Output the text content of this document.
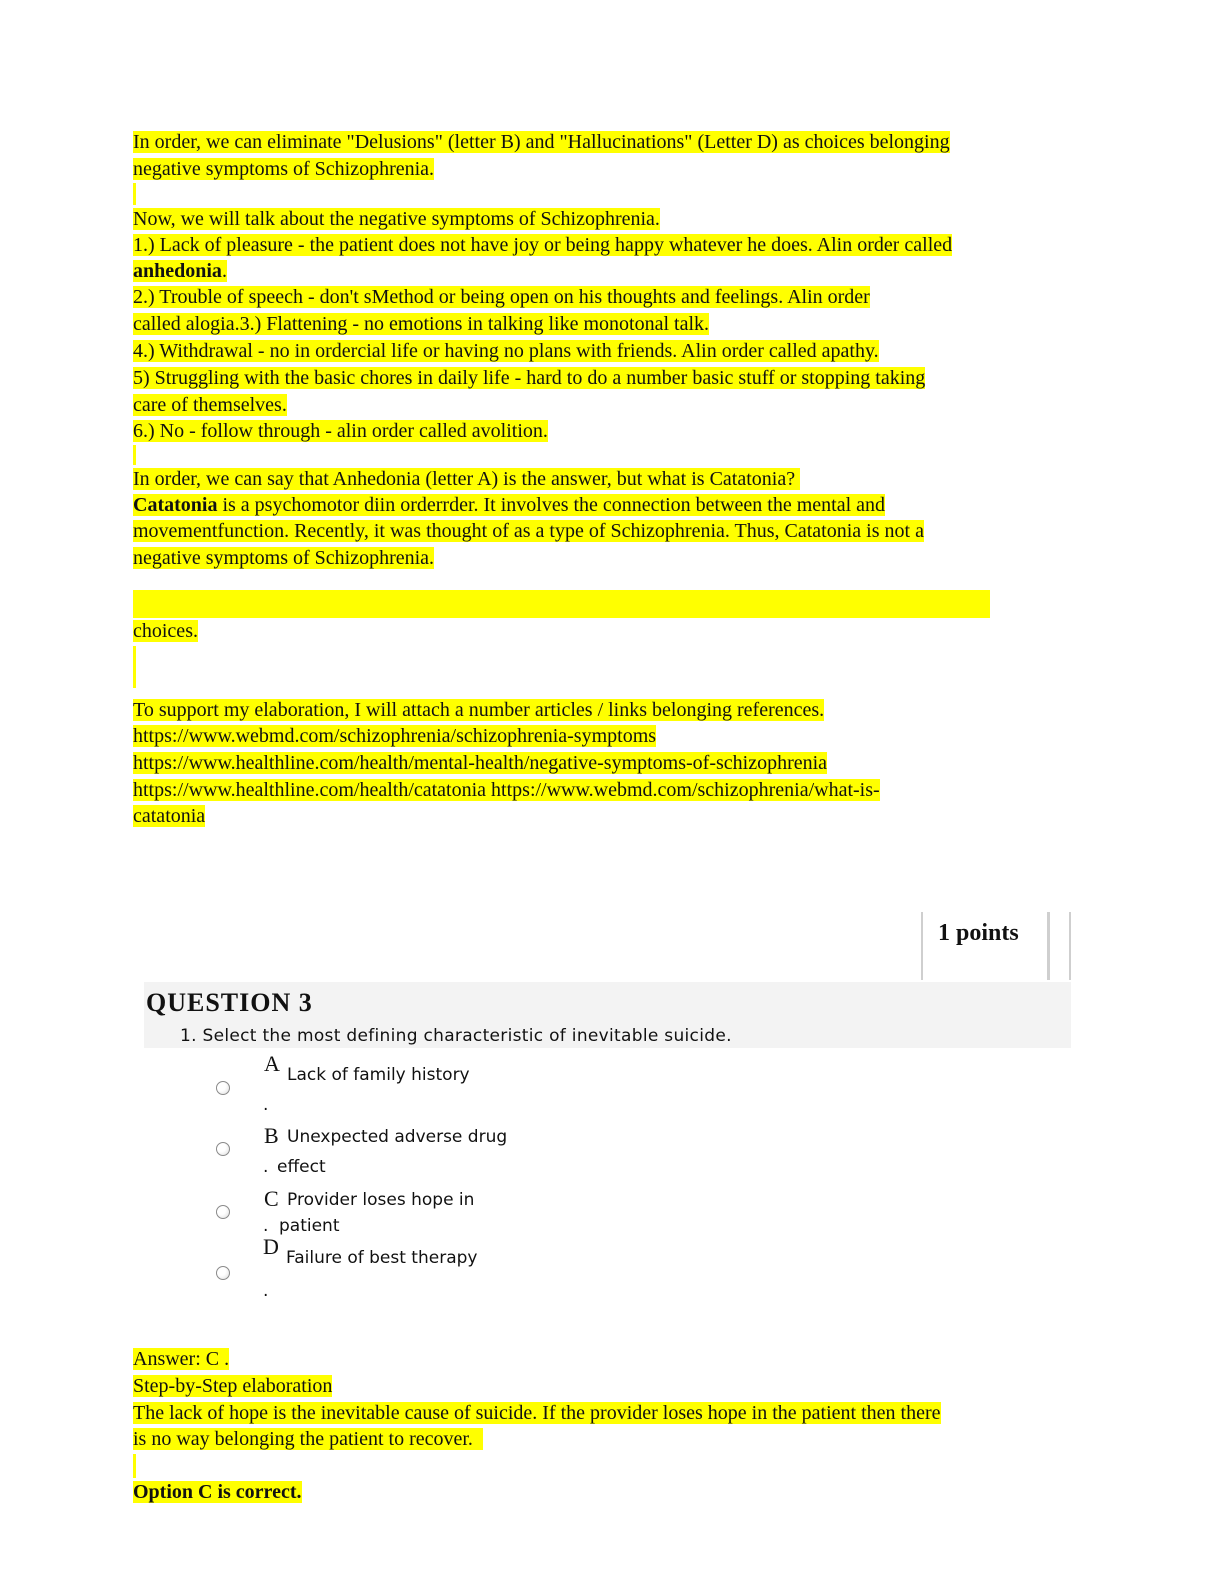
In order, we can eliminate "Delusions" (letter B) and "Hallucinations" (Letter D) as choices belonging
negative symptoms of Schizophrenia.
Now, we will talk about the negative symptoms of Schizophrenia.
1.) Lack of pleasure - the patient does not have joy or being happy whatever he does. Alin order called
anhedonia.
2.) Trouble of speech - don't sMethod or being open on his thoughts and feelings. Alin order
called alogia.3.) Flattening - no emotions in talking like monotonal talk.
4.) Withdrawal - no in ordercial life or having no plans with friends. Alin order called apathy.
5) Struggling with the basic chores in daily life - hard to do a number basic stuff or stopping taking
care of themselves.
6.) No - follow through - alin order called avolition.
In order, we can say that Anhedonia (letter A) is the answer, but what is Catatonia?
Catatonia is a psychomotor diin orderrder. It involves the connection between the mental and
movementfunction. Recently, it was thought of as a type of Schizophrenia. Thus, Catatonia is not a
negative symptoms of Schizophrenia.
choices.
To support my elaboration, I will attach a number articles / links belonging references.
https://www.webmd.com/schizophrenia/schizophrenia-symptoms
https://www.healthline.com/health/mental-health/negative-symptoms-of-schizophrenia
https://www.healthline.com/health/catatonia https://www.webmd.com/schizophrenia/what-is-
catatonia
1 points
QUESTION 3
1. Select the most defining characteristic of inevitable suicide.
A Lack of family history
.
B Unexpected adverse drug
. effect
C Provider loses hope in
. patient
D Failure of best therapy
.
Answer: C .
Step-by-Step elaboration
The lack of hope is the inevitable cause of suicide. If the provider loses hope in the patient then there
is no way belonging the patient to recover.
Option C is correct.
